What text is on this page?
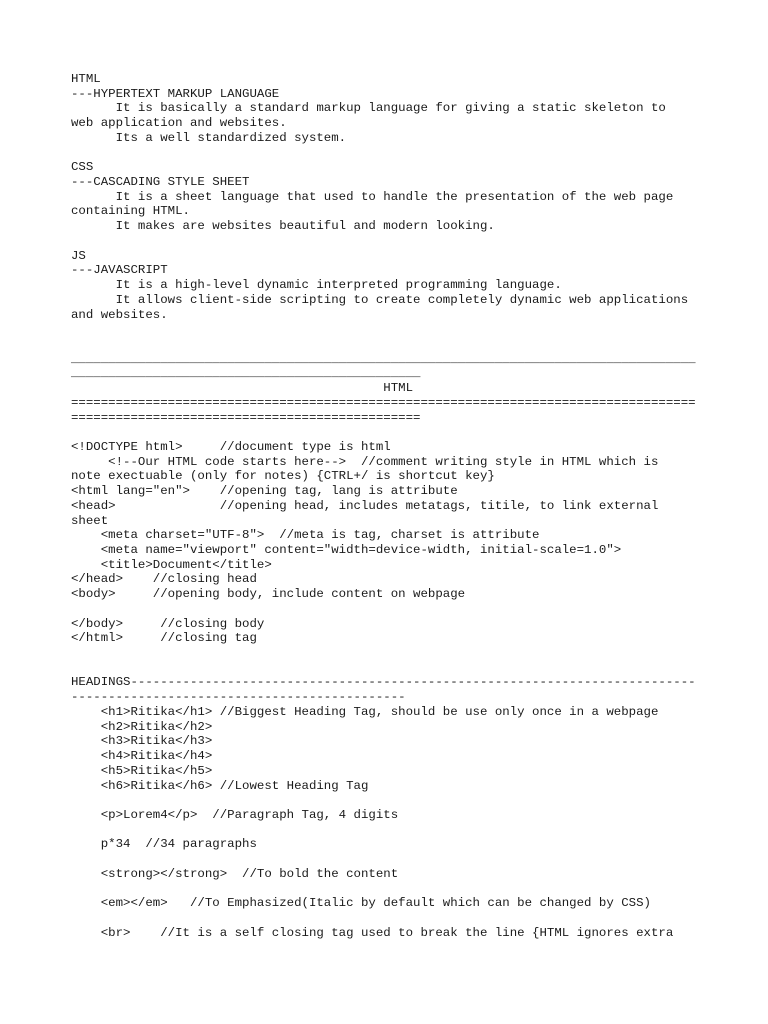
HTML
---HYPERTEXT MARKUP LANGUAGE
It is basically a standard markup language for giving a static skeleton to
web application and websites.
Its a well standardized system.
CSS
---CASCADING STYLE SHEET
It is a sheet language that used to handle the presentation of the web page
containing HTML.
It makes are websites beautiful and modern looking.
JS
---JAVASCRIPT
It is a high-level dynamic interpreted programming language.
It allows client-side scripting to create completely dynamic web applications
and websites.
____________________________________________________________________________________
_______________________________________________
HTML
====================================================================================
===============================================
<!DOCTYPE html>     //document type is html
<!--Our HTML code starts here-->  //comment writing style in HTML which is
note exectuable (only for notes) {CTRL+/ is shortcut key}
<html lang="en">    //opening tag, lang is attribute
<head>              //opening head, includes metatags, titile, to link external
sheet
<meta charset="UTF-8">  //meta is tag, charset is attribute
<meta name="viewport" content="width=device-width, initial-scale=1.0">
<title>Document</title>
</head>    //closing head
<body>     //opening body, include content on webpage
</body>     //closing body
</html>     //closing tag
HEADINGS----------------------------------------------------------------------------
---------------------------------------------
<h1>Ritika</h1> //Biggest Heading Tag, should be use only once in a webpage
<h2>Ritika</h2>
<h3>Ritika</h3>
<h4>Ritika</h4>
<h5>Ritika</h5>
<h6>Ritika</h6> //Lowest Heading Tag
<p>Lorem4</p>  //Paragraph Tag, 4 digits
p*34  //34 paragraphs
<strong></strong>  //To bold the content
<em></em>   //To Emphasized(Italic by default which can be changed by CSS)
<br>    //It is a self closing tag used to break the line {HTML ignores extra
